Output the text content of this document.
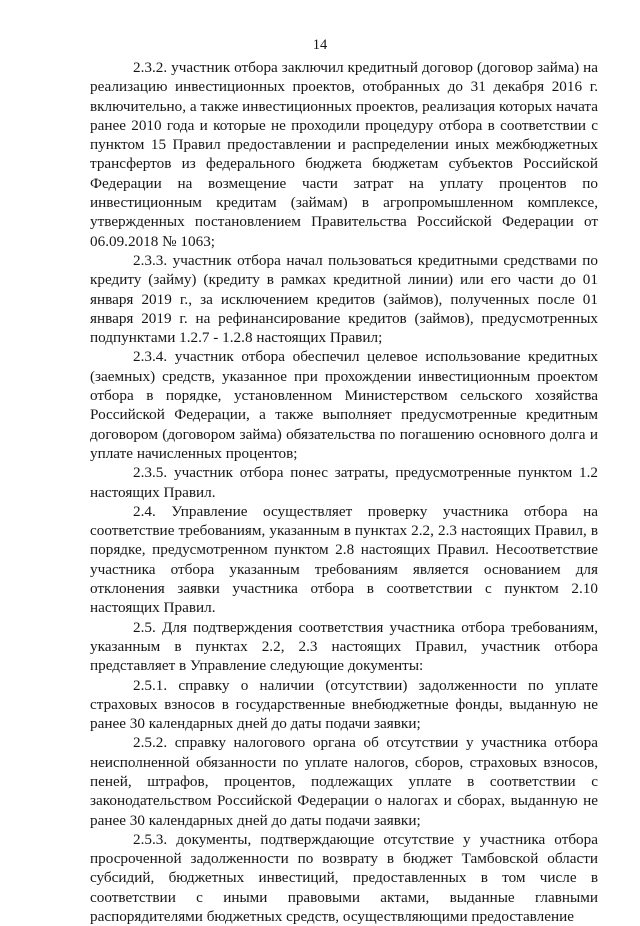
14

2.3.2. участник отбора заключил кредитный договор (договор займа) на реализацию инвестиционных проектов, отобранных до 31 декабря 2016 г. включительно, а также инвестиционных проектов, реализация которых начата ранее 2010 года и которые не проходили процедуру отбора в соответствии с пунктом 15 Правил предоставлении и распределении иных межбюджетных трансфертов из федерального бюджета бюджетам субъектов Российской Федерации на возмещение части затрат на уплату процентов по инвестиционным кредитам (займам) в агропромышленном комплексе, утвержденных постановлением Правительства Российской Федерации от 06.09.2018 № 1063;

2.3.3. участник отбора начал пользоваться кредитными средствами по кредиту (займу) (кредиту в рамках кредитной линии) или его части до 01 января 2019 г., за исключением кредитов (займов), полученных после 01 января 2019 г. на рефинансирование кредитов (займов), предусмотренных подпунктами 1.2.7 - 1.2.8 настоящих Правил;

2.3.4. участник отбора обеспечил целевое использование кредитных (заемных) средств, указанное при прохождении инвестиционным проектом отбора в порядке, установленном Министерством сельского хозяйства Российской Федерации, а также выполняет предусмотренные кредитным договором (договором займа) обязательства по погашению основного долга и уплате начисленных процентов;

2.3.5. участник отбора понес затраты, предусмотренные пунктом 1.2 настоящих Правил.

2.4. Управление осуществляет проверку участника отбора на соответствие требованиям, указанным в пунктах 2.2, 2.3 настоящих Правил, в порядке, предусмотренном пунктом 2.8 настоящих Правил. Несоответствие участника отбора указанным требованиям является основанием для отклонения заявки участника отбора в соответствии с пунктом 2.10 настоящих Правил.

2.5. Для подтверждения соответствия участника отбора требованиям, указанным в пунктах 2.2, 2.3 настоящих Правил, участник отбора представляет в Управление следующие документы:

2.5.1. справку о наличии (отсутствии) задолженности по уплате страховых взносов в государственные внебюджетные фонды, выданную не ранее 30 календарных дней до даты подачи заявки;

2.5.2. справку налогового органа об отсутствии у участника отбора неисполненной обязанности по уплате налогов, сборов, страховых взносов, пеней, штрафов, процентов, подлежащих уплате в соответствии с законодательством Российской Федерации о налогах и сборах, выданную не ранее 30 календарных дней до даты подачи заявки;

2.5.3. документы, подтверждающие отсутствие у участника отбора просроченной задолженности по возврату в бюджет Тамбовской области субсидий, бюджетных инвестиций, предоставленных в том числе в соответствии с иными правовыми актами, выданные главными распорядителями бюджетных средств, осуществляющими предоставление
